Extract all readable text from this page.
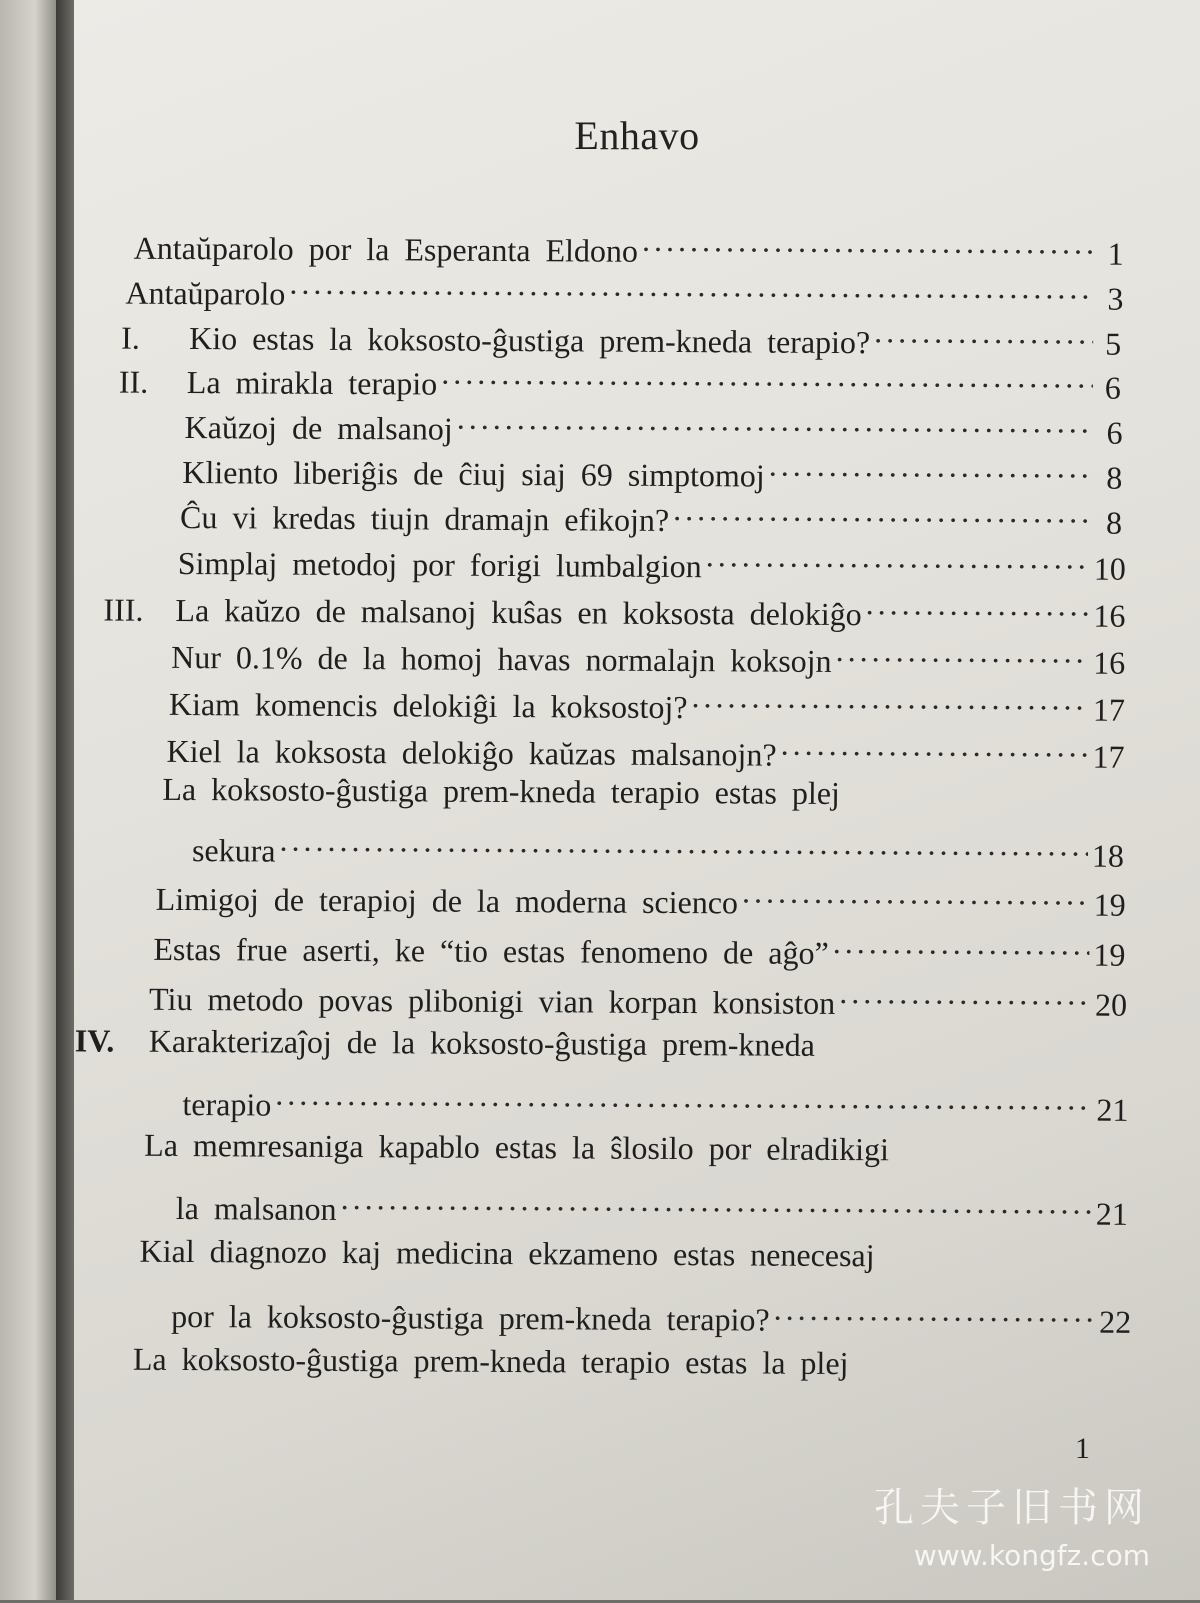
Enhavo
Antaŭparolo por la Esperanta Eldono .....	1
Antaŭparolo .....	3
I.	Kio estas la koksosto-ĝustiga prem-kneda terapio? .....	5
II.	La mirakla terapio .....	6
Kaŭzoj de malsanoj .....	6
Kliento liberiĝis de ĉiuj siaj 69 simptomoj .....	8
Ĉu vi kredas tiujn dramajn efikojn? .....	8
Simplaj metodoj por forigi lumbalgion .....	10
III. La kaŭzo de malsanoj kuŝas en koksosta delokiĝo .....	16
Nur 0.1% de la homoj havas normalajn koksojn .....	16
Kiam komencis delokiĝi la koksostoj? .....	17
Kiel la koksosta delokiĝo kaŭzas malsanojn? .....	17
La koksosto-ĝustiga prem-kneda terapio estas plej
sekura .....	18
Limigoj de terapioj de la moderna scienco .....	19
Estas frue aserti, ke “tio estas fenomeno de aĝo” .....	19
Tiu metodo povas plibonigi vian korpan konsiston .....	20
IV.	Karakterizaĵoj de la koksosto-ĝustiga prem-kneda
terapio .....	21
La memresaniga kapablo estas la ŝlosilo por elradikigi
la malsanon .....	21
Kial diagnozo kaj medicina ekzameno estas nenecesaj
por la koksosto-ĝustiga prem-kneda terapio? .....	22
La koksosto-ĝustiga prem-kneda terapio estas la plej
1
孔夫子旧书网
www.kongfz.com
